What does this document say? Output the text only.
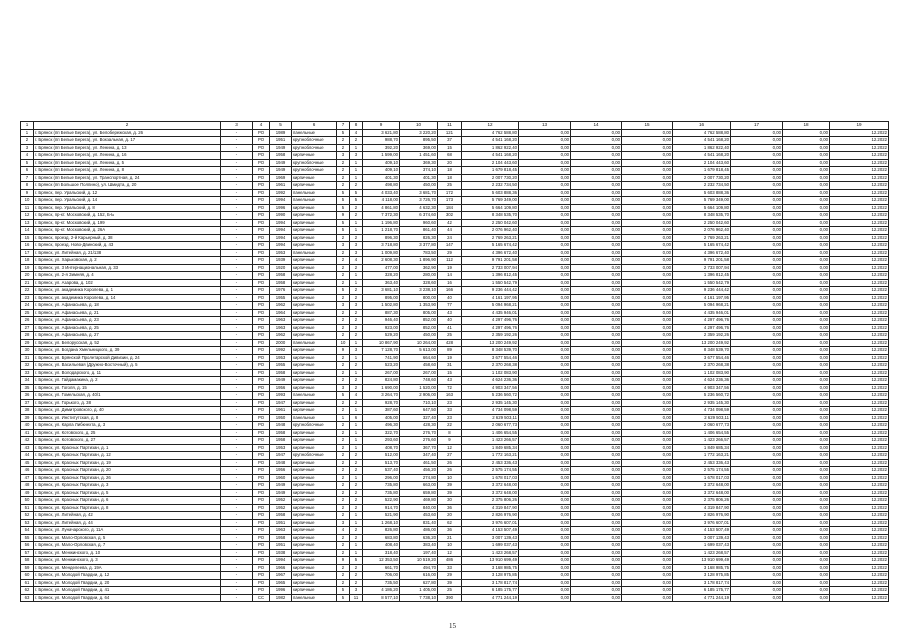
1	2	3	4	5	6	7	8	9	10	11	12	13	14	15	16	17	18	19
1	г. Брянск (пп Белые Берега), ул. Белобережская, д. 26	-	РО	1989	панельные	5	4	3 621,80	3 220,20	121	4 762 588,80	0,00	0,00	0,00	4 762 588,80	0,00	0,00	12.2022
2	г. Брянск (пп Белые Берега), ул. Вокзальная, д. 17	-	РО	1951	крупноблочные	2	2	988,70	895,50	37	4 541 168,20	0,00	0,00	0,00	4 541 168,20	0,00	0,00	12.2022
3	г. Брянск (пп Белые Берега), ул. Ленина, д. 13	-	РО	1949	крупноблочные	2	1	392,20	369,00	15	1 862 922,40	0,00	0,00	0,00	1 862 922,40	0,00	0,00	12.2022
4	г. Брянск (пп Белые Берега), ул. Ленина, д. 16	-	РО	1958	кирпичные	3	3	1 599,00	1 451,60	68	4 541 168,20	0,00	0,00	0,00	4 541 168,20	0,00	0,00	12.2022
5	г. Брянск (пп Белые Берега), ул. Ленина, д. 5	-	РО	1949	крупноблочные	2	1	409,10	369,30	20	2 104 443,60	0,00	0,00	0,00	2 104 443,60	0,00	0,00	12.2022
6	г. Брянск (пп Белые Берега), ул. Ленина, д. 8	-	РО	1949	крупноблочные	2	1	409,10	374,10	18	1 679 818,45	0,00	0,00	0,00	1 679 818,45	0,00	0,00	12.2022
7	г. Брянск (пп Белые Берега), ул. Транспортная, д. 24	-	РО	1969	кирпичные	2	1	401,30	401,30	18	2 007 730,20	0,00	0,00	0,00	2 007 730,20	0,00	0,00	12.2022
8	г. Брянск (пп Большое Полпино), ул. Шмидта, д. 20	-	РО	1961	кирпичные	2	2	498,80	450,00	25	2 232 734,50	0,00	0,00	0,00	2 232 734,50	0,00	0,00	12.2022
9	г. Брянск, пер. Уральский, д. 12	-	РО	1992	панельные	5	5	4 033,40	3 681,70	172	5 603 888,36	0,00	0,00	0,00	5 603 888,36	0,00	0,00	12.2022
10	г. Брянск, пер. Уральский, д. 14	-	РО	1994	панельные	5	5	4 118,00	3 726,70	173	5 769 349,00	0,00	0,00	0,00	5 769 349,00	0,00	0,00	12.2022
11	г. Брянск, пер. Уральский, д. 8	-	РО	1996	кирпичные	5	2	4 861,80	4 632,30	184	5 664 109,80	0,00	0,00	0,00	5 664 109,80	0,00	0,00	12.2022
12	г. Брянск, пр-кт. Московский, д. 152, Б-Ь	-	РО	1990	кирпичные	9	2	7 372,30	6 374,60	302	8 348 535,70	0,00	0,00	0,00	8 348 535,70	0,00	0,00	12.2022
13	г. Брянск, пр-кт. Московский, д. 199	-	РО	1994	кирпичные	5	1	1 196,80	960,60	42	2 250 042,60	0,00	0,00	0,00	2 250 042,60	0,00	0,00	12.2022
14	г. Брянск, пр-кт. Московский, д. 26А	-	РО	1994	кирпичные	5	1	1 218,70	861,40	44	2 076 962,40	0,00	0,00	0,00	2 076 962,40	0,00	0,00	12.2022
15	г. Брянск, проезд. 2-й Карьерный, д. 38	-	РО	1994	кирпичные	2	2	896,30	826,30	24	2 769 263,21	0,00	0,00	0,00	2 769 263,21	0,00	0,00	12.2022
16	г. Брянск, проезд. Ново-Двинский, д. 43	-	РО	1994	кирпичные	3	3	3 718,80	3 377,80	147	5 165 674,42	0,00	0,00	0,00	5 165 674,42	0,00	0,00	12.2022
17	г. Брянск, ул. Литейная, д. 21/138	-	РО	1953	панельные	2	3	1 009,80	783,50	29	4 396 672,40	0,00	0,00	0,00	4 396 672,40	0,00	0,00	12.2022
18	г. Брянск, ул. Харьковская, д. 2	-	РО	1939	кирпичные	2	4	2 608,30	1 896,90	112	9 791 201,58	0,00	0,00	0,00	9 791 201,58	0,00	0,00	12.2022
19	г. Брянск, ул. 3 Интернациональная, д. 33	-	РО	1920	кирпичные	2	2	477,00	362,90	19	2 733 007,94	0,00	0,00	0,00	2 733 007,94	0,00	0,00	12.2022
20	г. Брянск, ул. 2-я Зимняя, д. 4	-	РО	1958	кирпичные	2	1	328,20	280,00	14	1 396 812,45	0,00	0,00	0,00	1 396 812,45	0,00	0,00	12.2022
21	г. Брянск, ул. Азарова, д. 102	-	РО	1958	кирпичные	2	1	363,40	328,60	16	1 550 542,79	0,00	0,00	0,00	1 550 542,79	0,00	0,00	12.2022
22	г. Брянск, ул. академика Королева, д. 1	-	РО	1976	кирпичные	5	2	3 681,10	3 238,10	166	9 236 444,42	0,00	0,00	0,00	9 236 444,42	0,00	0,00	12.2022
23	г. Брянск, ул. академика Королева, д. 14	-	РО	1955	кирпичные	2	2	895,00	800,00	40	4 161 197,95	0,00	0,00	0,00	4 161 197,95	0,00	0,00	12.2022
24	г. Брянск, ул. Афанасьева, д. 18	-	РО	1962	кирпичные	3	3	1 502,80	1 353,90	77	5 094 968,21	0,00	0,00	0,00	5 094 968,21	0,00	0,00	12.2022
25	г. Брянск, ул. Афанасьева, д. 21	-	РО	1964	кирпичные	2	2	887,30	805,00	43	4 435 946,01	0,00	0,00	0,00	4 435 946,01	0,00	0,00	12.2022
26	г. Брянск, ул. Афанасьева, д. 23	-	РО	1963	кирпичные	2	2	946,40	852,00	40	4 297 496,76	0,00	0,00	0,00	4 297 496,76	0,00	0,00	12.2022
27	г. Брянск, ул. Афанасьева, д. 25	-	РО	1963	кирпичные	2	2	923,00	852,00	41	4 297 496,76	0,00	0,00	0,00	4 297 496,76	0,00	0,00	12.2022
28	г. Брянск, ул. Афанасьева, д. 27	-	РО	1962	кирпичные	2	2	529,20	450,00	25	2 359 192,26	0,00	0,00	0,00	2 359 192,26	0,00	0,00	12.2022
29	г. Брянск, ул. Белорусская, д. 52	-	РО	2000	панельные	10	1	10 867,90	10 264,00	428	13 200 249,92	0,00	0,00	0,00	13 200 249,92	0,00	0,00	12.2022
30	г. Брянск, ул. Богдана Хмельницкого, д. 39	-	РО	1992	кирпичные	9	3	7 128,70	5 613,00	89	8 348 539,70	0,00	0,00	0,00	8 348 539,70	0,00	0,00	12.2022
31	г. Брянск, ул. Брянской Пролетарской Дивизии, д. 24	-	РО	1953	кирпичные	2	1	741,90	664,60	19	3 677 554,46	0,00	0,00	0,00	3 677 554,46	0,00	0,00	12.2022
32	г. Брянск, ул. Васильевая (Дружно-Восточный), д. 5	-	РО	1955	кирпичные	2	2	523,20	458,60	31	2 370 268,38	0,00	0,00	0,00	2 370 268,38	0,00	0,00	12.2022
33	г. Брянск, ул. Володарского, д. 11	-	РО	1958	кирпичные	2	1	267,00	267,00	15	1 102 083,90	0,00	0,00	0,00	1 102 083,90	0,00	0,00	12.2022
34	г. Брянск, ул. Гайдамакина, д. 2	-	РО	1949	кирпичные	2	2	824,80	748,60	43	4 624 236,36	0,00	0,00	0,00	4 624 236,36	0,00	0,00	12.2022
35	г. Брянск, ул. Гоголя, д. 15	-	РО	1956	кирпичные	3	2	1 690,00	1 520,00	72	4 903 347,56	0,00	0,00	0,00	4 903 347,56	0,00	0,00	12.2022
36	г. Брянск, ул. Гомельская, д. 40/1	-	РО	1993	панельные	5	4	3 264,70	2 906,00	163	5 236 560,72	0,00	0,00	0,00	5 236 560,72	0,00	0,00	12.2022
37	г. Брянск, ул. Горького, д. 38	-	РО	1947	кирпичные	2	2	928,70	710,10	23	2 935 145,30	0,00	0,00	0,00	2 935 145,30	0,00	0,00	12.2022
38	г. Брянск, ул. Димитровского, д. 40	-	РО	1961	кирпичные	2	1	387,60	647,50	33	4 734 098,59	0,00	0,00	0,00	4 734 098,59	0,00	0,00	12.2022
39	г. Брянск, ул. Институтская, д. 8	-	РО	1950	панельные	1	6	405,00	327,40	23	2 629 503,11	0,00	0,00	0,00	2 629 503,11	0,00	0,00	12.2022
40	г. Брянск, ул. Карла Либкнехта, д. 3	-	РО	1948	крупноблочные	2	1	496,30	428,30	22	2 060 677,73	0,00	0,00	0,00	2 060 677,73	0,00	0,00	12.2022
41	г. Брянск, ул. Котовского, д. 25	-	РО	1958	кирпичные	2	1	322,70	276,70	8	1 406 654,55	0,00	0,00	0,00	1 406 654,55	0,00	0,00	12.2022
42	г. Брянск, ул. Котовского, д. 27	-	РО	1958	кирпичные	2	1	293,60	276,60	9	1 423 266,57	0,00	0,00	0,00	1 423 266,57	0,00	0,00	12.2022
43	г. Брянск, ул. Красных Партизан, д. 1	-	РО	1953	кирпичные	2	1	408,70	367,70	12	1 849 685,34	0,00	0,00	0,00	1 849 685,34	0,00	0,00	12.2022
44	г. Брянск, ул. Красных Партизан, д. 12	-	РО	1947	крупноблочные	2	2	512,00	347,40	27	1 772 163,21	0,00	0,00	0,00	1 772 163,21	0,00	0,00	12.2022
45	г. Брянск, ул. Красных Партизан, д. 19	-	РО	1948	кирпичные	2	2	513,70	461,50	26	2 453 336,43	0,00	0,00	0,00	2 453 336,43	0,00	0,00	12.2022
46	г. Брянск, ул. Красных Партизан, д. 20	-	РО	1956	кирпичные	2	2	537,40	456,20	26	2 575 174,55	0,00	0,00	0,00	2 575 174,55	0,00	0,00	12.2022
47	г. Брянск, ул. Красных Партизан, д. 26	-	РО	1960	кирпичные	2	1	296,00	274,80	10	1 678 017,03	0,00	0,00	0,00	1 678 017,03	0,00	0,00	12.2022
48	г. Брянск, ул. Красных Партизан, д. 3	-	РО	1949	кирпичные	2	2	735,80	663,00	39	3 372 648,00	0,00	0,00	0,00	3 372 648,00	0,00	0,00	12.2022
49	г. Брянск, ул. Красных Партизан, д. 5	-	РО	1949	кирпичные	2	2	735,80	659,80	39	3 372 648,00	0,00	0,00	0,00	3 372 648,00	0,00	0,00	12.2022
50	г. Брянск, ул. Красных Партизан, д. 6	-	РО	1952	кирпичные	2	2	522,90	469,80	30	2 375 806,26	0,00	0,00	0,00	2 375 806,26	0,00	0,00	12.2022
51	г. Брянск, ул. Красных Партизан, д. 8	-	РО	1952	кирпичные	2	2	914,70	840,00	36	4 319 847,90	0,00	0,00	0,00	4 319 847,90	0,00	0,00	12.2022
52	г. Брянск, ул. Литейная, д. 42	-	РО	1958	кирпичные	2	1	521,90	453,60	20	2 826 976,90	0,00	0,00	0,00	2 826 976,90	0,00	0,00	12.2022
53	г. Брянск, ул. Литейная, д. 44	-	РО	1951	кирпичные	3	1	1 268,10	831,40	62	3 976 607,01	0,00	0,00	0,00	3 976 607,01	0,00	0,00	12.2022
54	г. Брянск, ул. Луначарского, д. 11А	-	РО	1963	кирпичные	4	2	826,80	486,00	36	4 153 507,49	0,00	0,00	0,00	4 153 507,49	0,00	0,00	12.2022
55	г. Брянск, ул. Мало-Орловская, д. 5	-	РО	1958	кирпичные	2	2	683,80	636,20	21	3 007 139,43	0,00	0,00	0,00	3 007 139,43	0,00	0,00	12.2022
56	г. Брянск, ул. Мало-Орловская, д. 7	-	РО	1951	кирпичные	2	1	408,40	383,40	10	1 699 037,43	0,00	0,00	0,00	1 699 037,43	0,00	0,00	12.2022
57	г. Брянск, ул. Менжинского, д. 10	-	РО	1938	кирпичные	2	1	318,40	197,40	12	1 423 268,57	0,00	0,00	0,00	1 423 268,57	0,00	0,00	12.2022
58	г. Брянск, ул. Менжинского, д. 3	-	РО	1994	кирпичные	9	5	12 353,50	10 519,20	486	13 910 699,49	0,00	0,00	0,00	13 910 699,49	0,00	0,00	12.2022
59	г. Брянск, ул. Менделеева, д. 19А	-	РО	1966	кирпичные	2	2	661,70	494,70	33	3 168 985,75	0,00	0,00	0,00	3 168 985,75	0,00	0,00	12.2022
60	г. Брянск, ул. Молодой Гвардии, д. 12	-	РО	1967	кирпичные	2	2	706,00	616,00	29	3 128 975,85	0,00	0,00	0,00	3 128 975,85	0,00	0,00	12.2022
61	г. Брянск, ул. Молодой Гвардии, д. 20	-	РО	1965	кирпичные	2	2	735,50	627,80	39	3 178 817,74	0,00	0,00	0,00	3 178 817,74	0,00	0,00	12.2022
62	г. Брянск, ул. Молодой Гвардии, д. 41	-	РО	1996	кирпичные	5	3	4 186,20	1 405,00	25	6 185 175,77	0,00	0,00	0,00	6 185 175,77	0,00	0,00	12.2022
63	г. Брянск, ул. Молодой Гвардии, д. 64	-	СС	1982	панельные	5	11	8 577,10	7 738,10	390	4 771 244,19	0,00	0,00	0,00	4 771 244,19	0,00	0,00	12.2022
15
